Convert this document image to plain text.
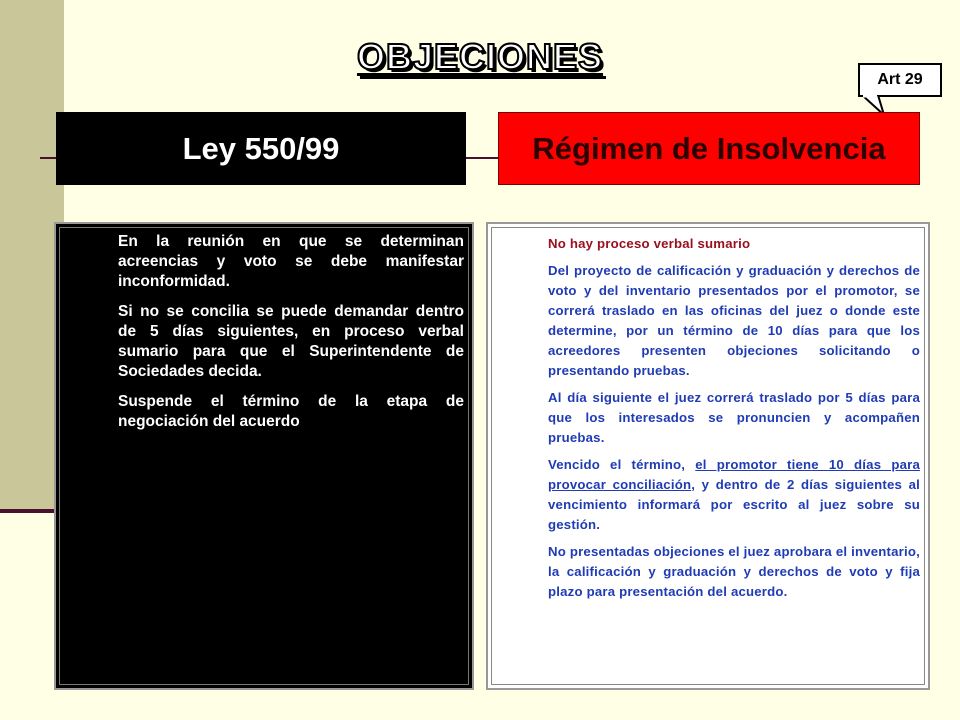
OBJECIONES
Art 29
Ley 550/99	Régimen de Insolvencia

En la reunión en que se determinan acreencias y voto se debe manifestar inconformidad.

Si no se concilia se puede demandar dentro de 5 días siguientes, en proceso verbal sumario para que el Superintendente de Sociedades decida.

Suspende el término de la etapa de negociación del acuerdo

No hay proceso verbal sumario

Del proyecto de calificación y graduación y derechos de voto y del inventario presentados por el promotor, se correrá traslado en las oficinas del juez o donde este determine, por un término de 10 días para que los acreedores presenten objeciones solicitando o presentando pruebas.

Al día siguiente el juez correrá traslado por 5 días para que los interesados se pronuncien y acompañen pruebas.

Vencido el término, el promotor tiene 10 días para provocar conciliación, y dentro de 2 días siguientes al vencimiento informará por escrito al juez sobre su gestión.

No presentadas objeciones el juez aprobara el inventario, la calificación y graduación y derechos de voto y fija plazo para presentación del acuerdo.
